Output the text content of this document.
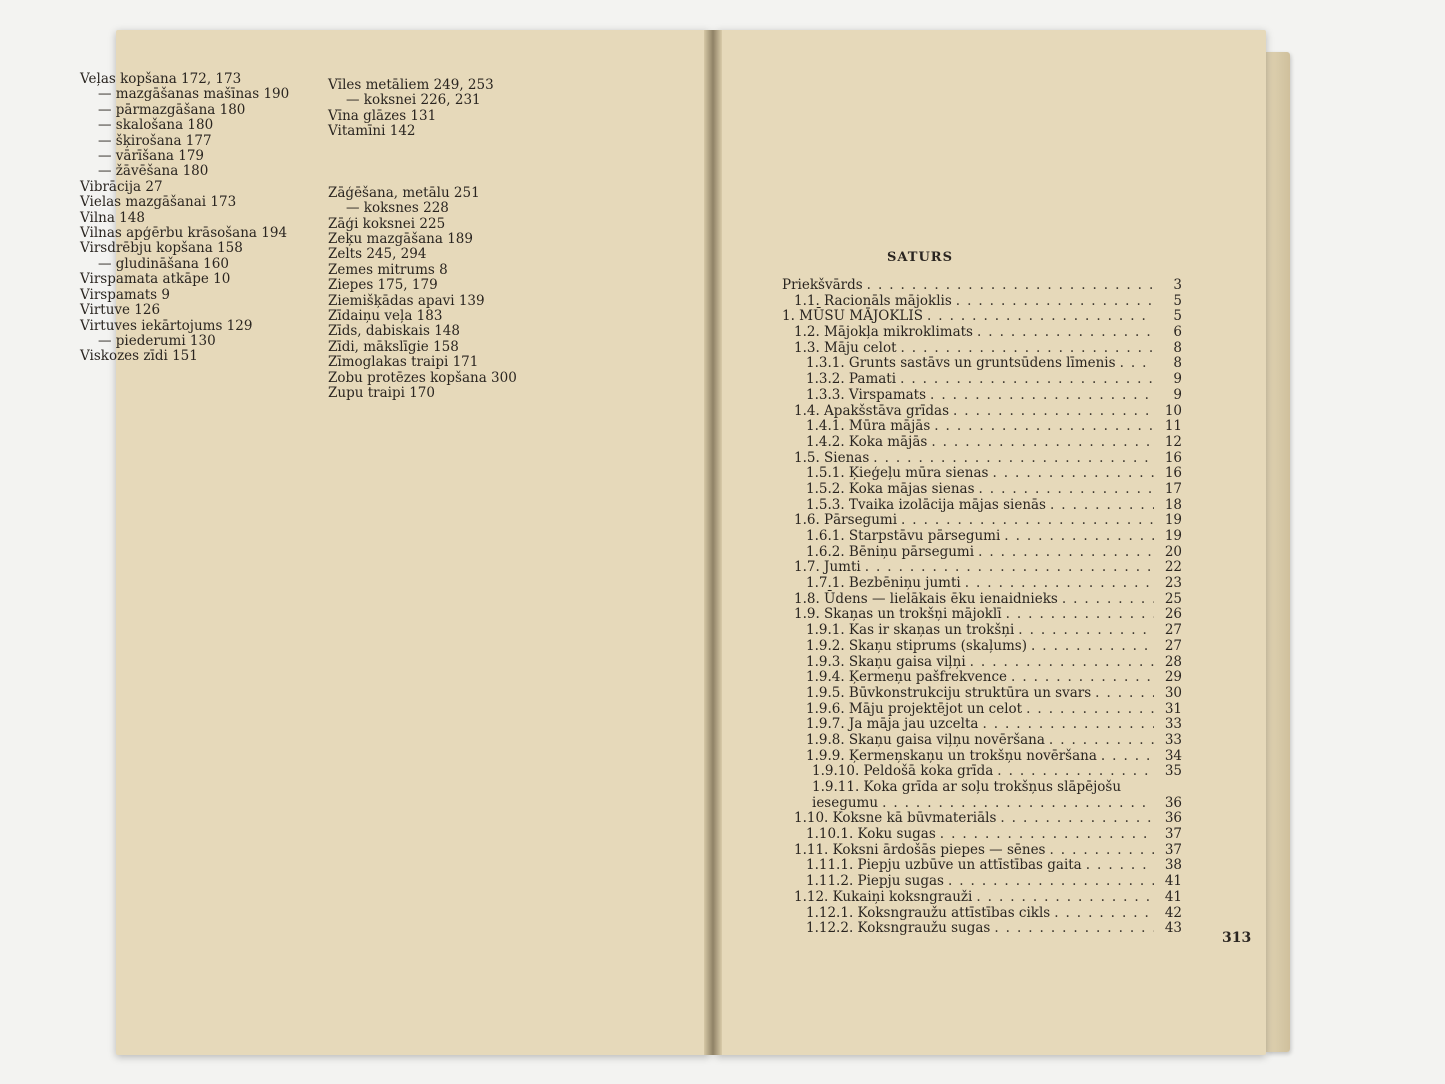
Veļas kopšana 172, 173
— mazgāšanas mašīnas 190
— pārmazgāšana 180
— skalošana 180
— šķirošana 177
— vārīšana 179
— žāvēšana 180
Vibrācija 27
Vielas mazgāšanai 173
Vilna 148
Vilnas apģērbu krāsošana 194
Virsdrēbju kopšana 158
— gludināšana 160
Virspamata atkāpe 10
Virspamats 9
Virtuve 126
Virtuves iekārtojums 129
— piederumi 130
Viskozes zīdi 151
Vīles metāliem 249, 253
— koksnei 226, 231
Vīna glāzes 131
Vitamīni 142
Zāģēšana, metālu 251
— koksnes 228
Zāģi koksnei 225
Zeķu mazgāšana 189
Zelts 245, 294
Zemes mitrums 8
Ziepes 175, 179
Ziemišķādas apavi 139
Zīdaiņu veļa 183
Zīds, dabiskais 148
Zīdi, mākslīgie 158
Zīmoglakas traipi 171
Zobu protēzes kopšana 300
Zupu traipi 170
SATURS
Priekšvārds .....	3
1.1. Racionāls mājoklis .....	5
1. MŪSU MĀJOKLIS .....	5
1.2. Mājokļa mikroklimats .....	6
1.3. Māju celot .....	8
1.3.1. Grunts sastāvs un gruntsūdens līmenis .....	8
1.3.2. Pamati .....	9
1.3.3. Virspamats .....	9
1.4. Apakšstāva grīdas .....	10
1.4.1. Mūra mājās .....	11
1.4.2. Koka mājās .....	12
1.5. Sienas .....	16
1.5.1. Ķieģeļu mūra sienas .....	16
1.5.2. Koka mājas sienas .....	17
1.5.3. Tvaika izolācija mājas sienās .....	18
1.6. Pārsegumi .....	19
1.6.1. Starpstāvu pārsegumi .....	19
1.6.2. Bēniņu pārsegumi .....	20
1.7. Jumti .....	22
1.7.1. Bezbēniņu jumti .....	23
1.8. Ūdens — lielākais ēku ienaidnieks .....	25
1.9. Skaņas un trokšņi mājoklī .....	26
1.9.1. Kas ir skaņas un trokšņi .....	27
1.9.2. Skaņu stiprums (skaļums) .....	27
1.9.3. Skaņu gaisa viļņi .....	28
1.9.4. Ķermeņu pašfrekvence .....	29
1.9.5. Būvkonstrukciju struktūra un svars .....	30
1.9.6. Māju projektējot un celot .....	31
1.9.7. Ja māja jau uzcelta .....	33
1.9.8. Skaņu gaisa viļņu novēršana .....	33
1.9.9. Ķermeņskaņu un trokšņu novēršana .....	34
1.9.10. Peldošā koka grīda .....	35
1.9.11. Koka grīda ar soļu trokšņus slāpējošu
iesegumu .....	36
1.10. Koksne kā būvmateriāls .....	36
1.10.1. Koku sugas .....	37
1.11. Koksni ārdošās piepes — sēnes .....	37
1.11.1. Piepju uzbūve un attīstības gaita .....	38
1.11.2. Piepju sugas .....	41
1.12. Kukaiņi koksngrauži .....	41
1.12.1. Koksngraužu attīstības cikls .....	42
1.12.2. Koksngraužu sugas .....	43
313
